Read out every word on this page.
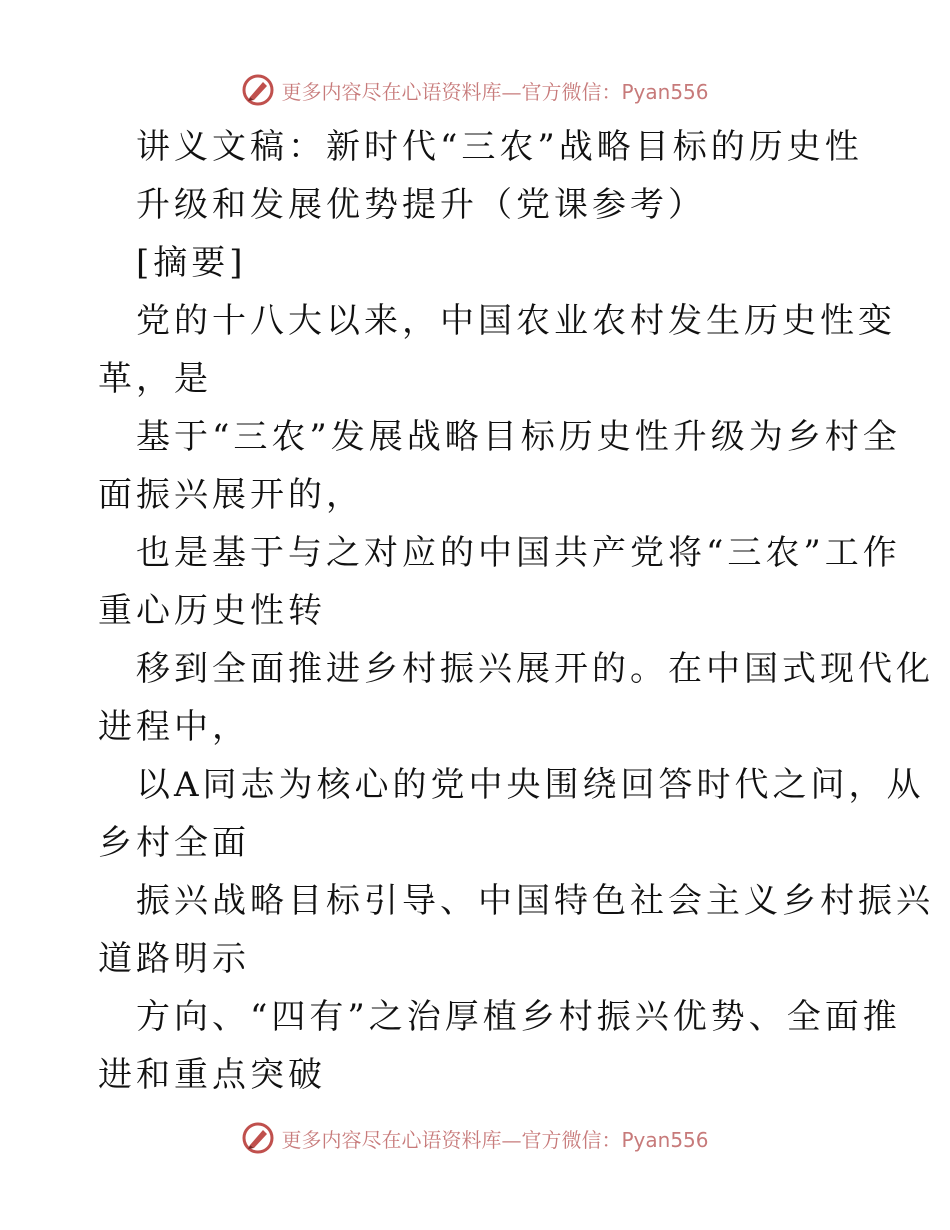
更多内容尽在心语资料库—官方微信：Pyan556
讲义文稿：新时代“三农”战略目标的历史性
升级和发展优势提升（党课参考）
[摘要]
党的十八大以来，中国农业农村发生历史性变
革，是
基于“三农”发展战略目标历史性升级为乡村全
面振兴展开的，
也是基于与之对应的中国共产党将“三农”工作
重心历史性转
移到全面推进乡村振兴展开的。在中国式现代化
进程中，
以A同志为核心的党中央围绕回答时代之问，从
乡村全面
振兴战略目标引导、中国特色社会主义乡村振兴
道路明示
方向、“四有”之治厚植乡村振兴优势、全面推
进和重点突破
更多内容尽在心语资料库—官方微信：Pyan556
